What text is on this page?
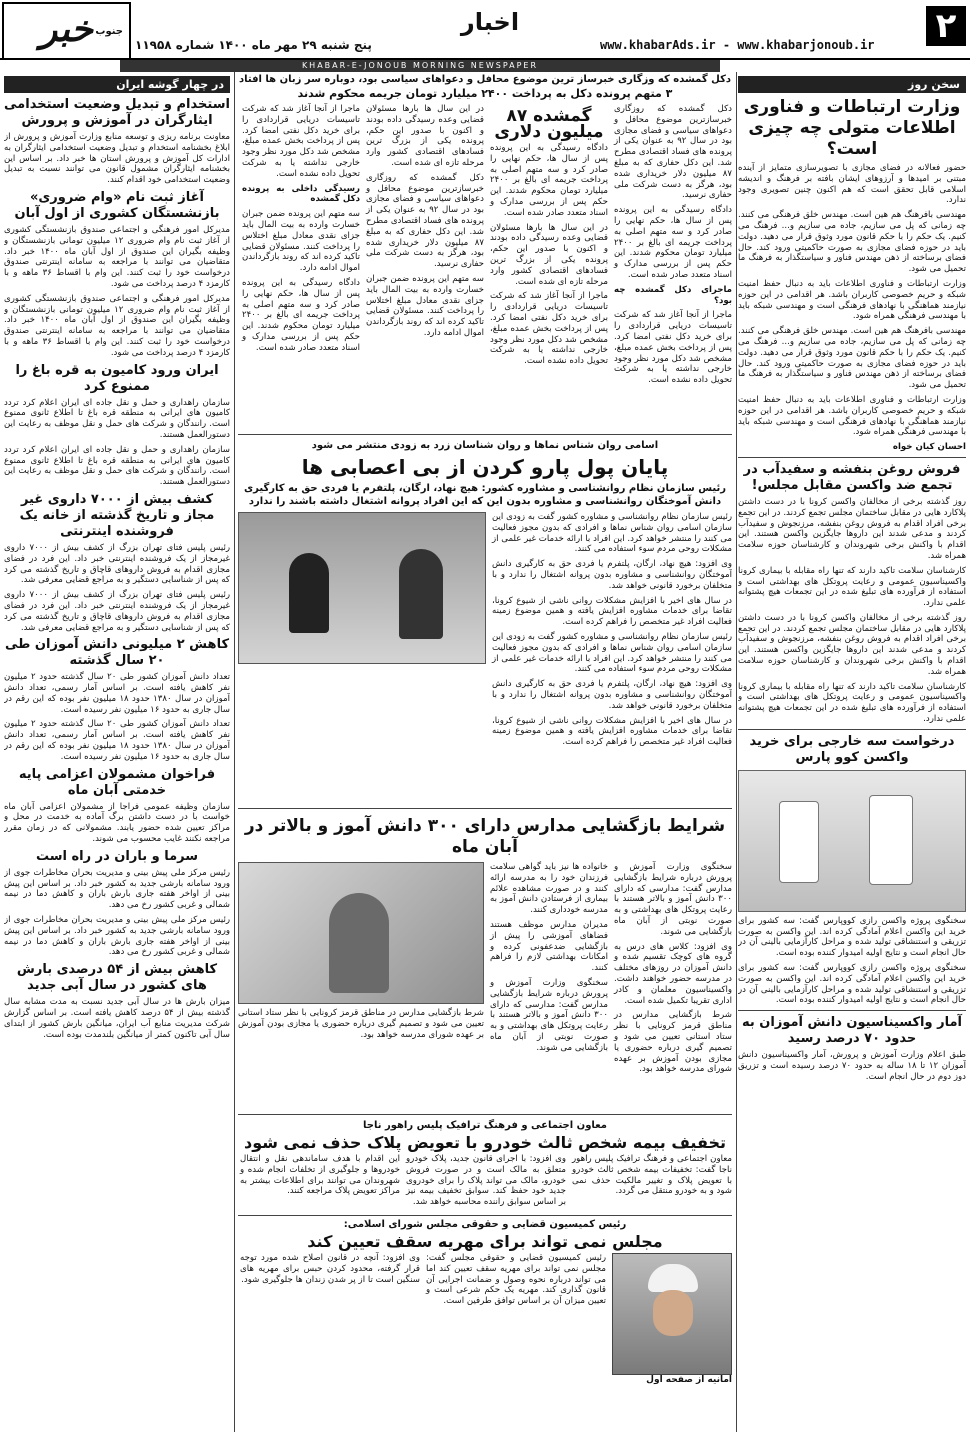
۲
www.khabarAds.ir - www.khabarjonoub.ir
اخبار
پنج شنبه ۲۹ مهر ماه ۱۴۰۰ شماره ۱۱۹۵۸
خبر جنوب
KHABAR-E-JONOUB MORNING NEWSPAPER
سخن روز
وزارت ارتباطات و فناوری اطلاعات متولی چه چیزی است؟

حضور فعالانه در فضای مجازی با تصویرسازی متمایز از آینده مبتنی بر امیدها و آرزوهای ایشان بافته بر فرهنگ و اندیشه اسلامی قابل تحقق است که هم اکنون چنین تصویری وجود ندارد.

مهندسی بافرهنگ هم هین است. مهندس خلق فرهنگی می کنند. چه زمانی که پل می سازیم، جاده می سازیم و... فرهنگ می کنیم. یک حکم را با حکم قانون مورد وثوق قرار می دهید. دولت باید در حوزه فضای مجازی به صورت حاکمیتی ورود کند. حال فضای برساخته از ذهن مهندس فناور و سیاستگذار به فرهنگ ما تحمیل می شود.

وزارت ارتباطات و فناوری اطلاعات باید به دنبال حفظ امنیت شبکه و حریم خصوصی کاربران باشد. هر اقدامی در این حوزه نیازمند هماهنگی با نهادهای فرهنگی است و مهندسی شبکه باید با مهندسی فرهنگی همراه شود.

مهندسی بافرهنگ هم هین است. مهندس خلق فرهنگی می کنند. چه زمانی که پل می سازیم، جاده می سازیم و... فرهنگ می کنیم. یک حکم را با حکم قانون مورد وثوق قرار می دهید. دولت باید در حوزه فضای مجازی به صورت حاکمیتی ورود کند. حال فضای برساخته از ذهن مهندس فناور و سیاستگذار به فرهنگ ما تحمیل می شود.

وزارت ارتباطات و فناوری اطلاعات باید به دنبال حفظ امنیت شبکه و حریم خصوصی کاربران باشد. هر اقدامی در این حوزه نیازمند هماهنگی با نهادهای فرهنگی است و مهندسی شبکه باید با مهندسی فرهنگی همراه شود.

احسان کیان خواه

فروش روغن بنفشه و سفیدآب در تجمع ضد واکسن مقابل مجلس!

روز گذشته برخی از مخالفان واکسن کرونا با در دست داشتن پلاکارد هایی در مقابل ساختمان مجلس تجمع کردند. در این تجمع برخی افراد اقدام به فروش روغن بنفشه، مرزنجوش و سفیدآب کردند و مدعی شدند این داروها جایگزین واکسن هستند. این اقدام با واکنش برخی شهروندان و کارشناسان حوزه سلامت همراه شد.

کارشناسان سلامت تاکید دارند که تنها راه مقابله با بیماری کرونا واکسیناسیون عمومی و رعایت پروتکل های بهداشتی است و استفاده از فرآورده های تبلیغ شده در این تجمعات هیچ پشتوانه علمی ندارد.

روز گذشته برخی از مخالفان واکسن کرونا با در دست داشتن پلاکارد هایی در مقابل ساختمان مجلس تجمع کردند. در این تجمع برخی افراد اقدام به فروش روغن بنفشه، مرزنجوش و سفیدآب کردند و مدعی شدند این داروها جایگزین واکسن هستند. این اقدام با واکنش برخی شهروندان و کارشناسان حوزه سلامت همراه شد.

کارشناسان سلامت تاکید دارند که تنها راه مقابله با بیماری کرونا واکسیناسیون عمومی و رعایت پروتکل های بهداشتی است و استفاده از فرآورده های تبلیغ شده در این تجمعات هیچ پشتوانه علمی ندارد.

درخواست سه خارجی برای خرید واکسن کوو پارس

سخنگوی پروژه واکسن رازی کووپارس گفت: سه کشور برای خرید این واکسن اعلام آمادگی کرده اند. این واکسن به صورت تزریقی و استنشاقی تولید شده و مراحل کارآزمایی بالینی آن در حال انجام است و نتایج اولیه امیدوار کننده بوده است.

سخنگوی پروژه واکسن رازی کووپارس گفت: سه کشور برای خرید این واکسن اعلام آمادگی کرده اند. این واکسن به صورت تزریقی و استنشاقی تولید شده و مراحل کارآزمایی بالینی آن در حال انجام است و نتایج اولیه امیدوار کننده بوده است.

آمار واکسیناسیون دانش آموزان به حدود ۷۰ درصد رسید

طبق اعلام وزارت آموزش و پرورش، آمار واکسیناسیون دانش آموزان ۱۲ تا ۱۸ ساله به حدود ۷۰ درصد رسیده است و تزریق دوز دوم در حال انجام است.

دکل گمشده که وزگاری خبرساز ترین موضوع محافل و دعواهای سیاسی بود، دوباره سر زبان ها افتاد
۳ متهم پرونده دکل به پرداخت ۲۴۰۰ میلیارد تومان جریمه محکوم شدند

دکل گمشده که روزگاری خبرسازترین موضوع محافل و دعواهای سیاسی و فضای مجازی بود در سال ۹۲ به عنوان یکی از پرونده های فساد اقتصادی مطرح شد. این دکل حفاری که به مبلغ ۸۷ میلیون دلار خریداری شده بود، هرگز به دست شرکت ملی حفاری نرسید.

دادگاه رسیدگی به این پرونده پس از سال ها، حکم نهایی را صادر کرد و سه متهم اصلی به پرداخت جریمه ای بالغ بر ۲۴۰۰ میلیارد تومان محکوم شدند. این حکم پس از بررسی مدارک و اسناد متعدد صادر شده است.

ماجرای دکل گمشده چه بود؟

ماجرا از آنجا آغاز شد که شرکت تاسیسات دریایی قراردادی را برای خرید دکل نفتی امضا کرد. پس از پرداخت بخش عمده مبلغ، مشخص شد دکل مورد نظر وجود خارجی نداشته یا به شرکت تحویل داده نشده است.

گمشده ۸۷ میلیون دلاری

دادگاه رسیدگی به این پرونده پس از سال ها، حکم نهایی را صادر کرد و سه متهم اصلی به پرداخت جریمه ای بالغ بر ۲۴۰۰ میلیارد تومان محکوم شدند. این حکم پس از بررسی مدارک و اسناد متعدد صادر شده است.

در این سال ها بارها مسئولان قضایی وعده رسیدگی داده بودند و اکنون با صدور این حکم، پرونده یکی از بزرگ ترین فسادهای اقتصادی کشور وارد مرحله تازه ای شده است.

ماجرا از آنجا آغاز شد که شرکت تاسیسات دریایی قراردادی را برای خرید دکل نفتی امضا کرد. پس از پرداخت بخش عمده مبلغ، مشخص شد دکل مورد نظر وجود خارجی نداشته یا به شرکت تحویل داده نشده است.

در این سال ها بارها مسئولان قضایی وعده رسیدگی داده بودند و اکنون با صدور این حکم، پرونده یکی از بزرگ ترین فسادهای اقتصادی کشور وارد مرحله تازه ای شده است.

دکل گمشده که روزگاری خبرسازترین موضوع محافل و دعواهای سیاسی و فضای مجازی بود در سال ۹۲ به عنوان یکی از پرونده های فساد اقتصادی مطرح شد. این دکل حفاری که به مبلغ ۸۷ میلیون دلار خریداری شده بود، هرگز به دست شرکت ملی حفاری نرسید.

سه متهم این پرونده ضمن جبران خسارت وارده به بیت المال باید جزای نقدی معادل مبلغ اختلاس را پرداخت کنند. مسئولان قضایی تاکید کرده اند که روند بازگرداندن اموال ادامه دارد.

ماجرا از آنجا آغاز شد که شرکت تاسیسات دریایی قراردادی را برای خرید دکل نفتی امضا کرد. پس از پرداخت بخش عمده مبلغ، مشخص شد دکل مورد نظر وجود خارجی نداشته یا به شرکت تحویل داده نشده است.

رسیدگی داخلی به پرونده دکل گمشده

سه متهم این پرونده ضمن جبران خسارت وارده به بیت المال باید جزای نقدی معادل مبلغ اختلاس را پرداخت کنند. مسئولان قضایی تاکید کرده اند که روند بازگرداندن اموال ادامه دارد.

دادگاه رسیدگی به این پرونده پس از سال ها، حکم نهایی را صادر کرد و سه متهم اصلی به پرداخت جریمه ای بالغ بر ۲۴۰۰ میلیارد تومان محکوم شدند. این حکم پس از بررسی مدارک و اسناد متعدد صادر شده است.

اسامی روان شناس نماها و روان شناسان زرد به زودی منتشر می شود
پایان پول پارو کردن از بی اعصابی ها
رئیس سازمان نظام روانشناسی و مشاوره کشور: هیچ نهاد، ارگان، پلتفرم یا فردی حق به کارگیری دانش آموختگان روانشناسی و مشاوره بدون این که این افراد پروانه اشتغال داشته باشند را ندارد

رئیس سازمان نظام روانشناسی و مشاوره کشور گفت به زودی این سازمان اسامی روان شناس نماها و افرادی که بدون مجوز فعالیت می کنند را منتشر خواهد کرد. این افراد با ارائه خدمات غیر علمی از مشکلات روحی مردم سوء استفاده می کنند.

وی افزود: هیچ نهاد، ارگان، پلتفرم یا فردی حق به کارگیری دانش آموختگان روانشناسی و مشاوره بدون پروانه اشتغال را ندارد و با متخلفان برخورد قانونی خواهد شد.

در سال های اخیر با افزایش مشکلات روانی ناشی از شیوع کرونا، تقاضا برای خدمات مشاوره افزایش یافته و همین موضوع زمینه فعالیت افراد غیر متخصص را فراهم کرده است.

رئیس سازمان نظام روانشناسی و مشاوره کشور گفت به زودی این سازمان اسامی روان شناس نماها و افرادی که بدون مجوز فعالیت می کنند را منتشر خواهد کرد. این افراد با ارائه خدمات غیر علمی از مشکلات روحی مردم سوء استفاده می کنند.

وی افزود: هیچ نهاد، ارگان، پلتفرم یا فردی حق به کارگیری دانش آموختگان روانشناسی و مشاوره بدون پروانه اشتغال را ندارد و با متخلفان برخورد قانونی خواهد شد.

در سال های اخیر با افزایش مشکلات روانی ناشی از شیوع کرونا، تقاضا برای خدمات مشاوره افزایش یافته و همین موضوع زمینه فعالیت افراد غیر متخصص را فراهم کرده است.

شرایط بازگشایی مدارس دارای ۳۰۰ دانش آموز و بالاتر در آبان ماه

سخنگوی وزارت آموزش و پرورش درباره شرایط بازگشایی مدارس گفت: مدارسی که دارای ۳۰۰ دانش آموز و بالاتر هستند با رعایت پروتکل های بهداشتی و به صورت نوبتی از آبان ماه بازگشایی می شوند.

وی افزود: کلاس های درس به گروه های کوچک تقسیم شده و دانش آموزان در روزهای مختلف در مدرسه حضور خواهند داشت. واکسیناسیون معلمان و کادر اداری تقریبا تکمیل شده است.

شرط بازگشایی مدارس در مناطق قرمز کرونایی با نظر ستاد استانی تعیین می شود و تصمیم گیری درباره حضوری یا مجازی بودن آموزش بر عهده شورای مدرسه خواهد بود.

خانواده ها نیز باید گواهی سلامت فرزندان خود را به مدرسه ارائه کنند و در صورت مشاهده علائم بیماری از فرستادن دانش آموز به مدرسه خودداری کنند.

مدیران مدارس موظف هستند فضاهای آموزشی را پیش از بازگشایی ضدعفونی کرده و امکانات بهداشتی لازم را فراهم کنند.

سخنگوی وزارت آموزش و پرورش درباره شرایط بازگشایی مدارس گفت: مدارسی که دارای ۳۰۰ دانش آموز و بالاتر هستند با رعایت پروتکل های بهداشتی و به صورت نوبتی از آبان ماه بازگشایی می شوند.

شرط بازگشایی مدارس در مناطق قرمز کرونایی با نظر ستاد استانی تعیین می شود و تصمیم گیری درباره حضوری یا مجازی بودن آموزش بر عهده شورای مدرسه خواهد بود.

معاون اجتماعی و فرهنگ ترافیک پلیس راهور ناجا
تخفیف بیمه شخص ثالث خودرو با تعویض پلاک حذف نمی شود

معاون اجتماعی و فرهنگ ترافیک پلیس راهور ناجا گفت: تخفیفات بیمه شخص ثالث خودرو با تعویض پلاک و تغییر مالکیت حذف نمی شود و به خودرو منتقل می گردد.

وی افزود: با اجرای قانون جدید، پلاک خودرو متعلق به مالک است و در صورت فروش خودرو، مالک می تواند پلاک را برای خودروی جدید خود حفظ کند. سوابق تخفیف بیمه نیز بر اساس سوابق راننده محاسبه خواهد شد.

این اقدام با هدف ساماندهی نقل و انتقال خودروها و جلوگیری از تخلفات انجام شده و شهروندان می توانند برای اطلاعات بیشتر به مراکز تعویض پلاک مراجعه کنند.

رئیس کمیسیون قضایی و حقوقی مجلس شورای اسلامی:
مجلس نمی تواند برای مهریه سقف تعیین کند
امانیه از صفحه اول

رئیس کمیسیون قضایی و حقوقی مجلس گفت: مجلس نمی تواند برای مهریه سقف تعیین کند اما می تواند درباره نحوه وصول و ضمانت اجرایی آن قانون گذاری کند. مهریه یک حکم شرعی است و تعیین میزان آن بر اساس توافق طرفین است.

وی افزود: آنچه در قانون اصلاح شده مورد توجه قرار گرفته، محدود کردن حبس برای مهریه های سنگین است تا از پر شدن زندان ها جلوگیری شود.

در چهار گوشه ایران
استخدام و تبدیل وضعیت استخدامی ایثارگران در آموزش و پرورش

معاونت برنامه ریزی و توسعه منابع وزارت آموزش و پرورش از ابلاغ بخشنامه استخدام و تبدیل وضعیت استخدامی ایثارگران به ادارات کل آموزش و پرورش استان ها خبر داد. بر اساس این بخشنامه ایثارگران مشمول قانون می توانند نسبت به تبدیل وضعیت استخدامی خود اقدام کنند.

آغاز ثبت نام «وام ضروری» بازنشستگان کشوری از اول آبان

مدیرکل امور فرهنگی و اجتماعی صندوق بازنشستگی کشوری از آغاز ثبت نام وام ضروری ۱۲ میلیون تومانی بازنشستگان و وظیفه بگیران این صندوق از اول آبان ماه ۱۴۰۰ خبر داد. متقاضیان می توانند با مراجعه به سامانه اینترنتی صندوق درخواست خود را ثبت کنند. این وام با اقساط ۳۶ ماهه و با کارمزد ۴ درصد پرداخت می شود.

مدیرکل امور فرهنگی و اجتماعی صندوق بازنشستگی کشوری از آغاز ثبت نام وام ضروری ۱۲ میلیون تومانی بازنشستگان و وظیفه بگیران این صندوق از اول آبان ماه ۱۴۰۰ خبر داد. متقاضیان می توانند با مراجعه به سامانه اینترنتی صندوق درخواست خود را ثبت کنند. این وام با اقساط ۳۶ ماهه و با کارمزد ۴ درصد پرداخت می شود.

ایران ورود کامیون به قره باغ را ممنوع کرد

سازمان راهداری و حمل و نقل جاده ای ایران اعلام کرد تردد کامیون های ایرانی به منطقه قره باغ تا اطلاع ثانوی ممنوع است. رانندگان و شرکت های حمل و نقل موظف به رعایت این دستورالعمل هستند.

سازمان راهداری و حمل و نقل جاده ای ایران اعلام کرد تردد کامیون های ایرانی به منطقه قره باغ تا اطلاع ثانوی ممنوع است. رانندگان و شرکت های حمل و نقل موظف به رعایت این دستورالعمل هستند.

کشف بیش از ۷۰۰۰ داروی غیر مجاز و تاریخ گذشته از خانه یک فروشنده اینترنتی

رئیس پلیس فتای تهران بزرگ از کشف بیش از ۷۰۰۰ داروی غیرمجاز از یک فروشنده اینترنتی خبر داد. این فرد در فضای مجازی اقدام به فروش داروهای قاچاق و تاریخ گذشته می کرد که پس از شناسایی دستگیر و به مراجع قضایی معرفی شد.

رئیس پلیس فتای تهران بزرگ از کشف بیش از ۷۰۰۰ داروی غیرمجاز از یک فروشنده اینترنتی خبر داد. این فرد در فضای مجازی اقدام به فروش داروهای قاچاق و تاریخ گذشته می کرد که پس از شناسایی دستگیر و به مراجع قضایی معرفی شد.

کاهش ۲ میلیونی دانش آموزان طی ۲۰ سال گذشته

تعداد دانش آموزان کشور طی ۲۰ سال گذشته حدود ۲ میلیون نفر کاهش یافته است. بر اساس آمار رسمی، تعداد دانش آموزان در سال ۱۳۸۰ حدود ۱۸ میلیون نفر بوده که این رقم در سال جاری به حدود ۱۶ میلیون نفر رسیده است.

تعداد دانش آموزان کشور طی ۲۰ سال گذشته حدود ۲ میلیون نفر کاهش یافته است. بر اساس آمار رسمی، تعداد دانش آموزان در سال ۱۳۸۰ حدود ۱۸ میلیون نفر بوده که این رقم در سال جاری به حدود ۱۶ میلیون نفر رسیده است.

فراخوان مشمولان اعزامی پایه خدمتی آبان ماه

سازمان وظیفه عمومی فراجا از مشمولان اعزامی آبان ماه خواست با در دست داشتن برگ آماده به خدمت در محل و مراکز تعیین شده حضور یابند. مشمولانی که در زمان مقرر مراجعه نکنند غایب محسوب می شوند.

سرما و باران در راه است

رئیس مرکز ملی پیش بینی و مدیریت بحران مخاطرات جوی از ورود سامانه بارشی جدید به کشور خبر داد. بر اساس این پیش بینی از اواخر هفته جاری بارش باران و کاهش دما در نیمه شمالی و غربی کشور رخ می دهد.

رئیس مرکز ملی پیش بینی و مدیریت بحران مخاطرات جوی از ورود سامانه بارشی جدید به کشور خبر داد. بر اساس این پیش بینی از اواخر هفته جاری بارش باران و کاهش دما در نیمه شمالی و غربی کشور رخ می دهد.

کاهش بیش از ۵۴ درصدی بارش های کشور در سال آبی جدید

میزان بارش ها در سال آبی جدید نسبت به مدت مشابه سال گذشته بیش از ۵۴ درصد کاهش یافته است. بر اساس گزارش شرکت مدیریت منابع آب ایران، میانگین بارش کشور از ابتدای سال آبی تاکنون کمتر از میانگین بلندمدت بوده است.
